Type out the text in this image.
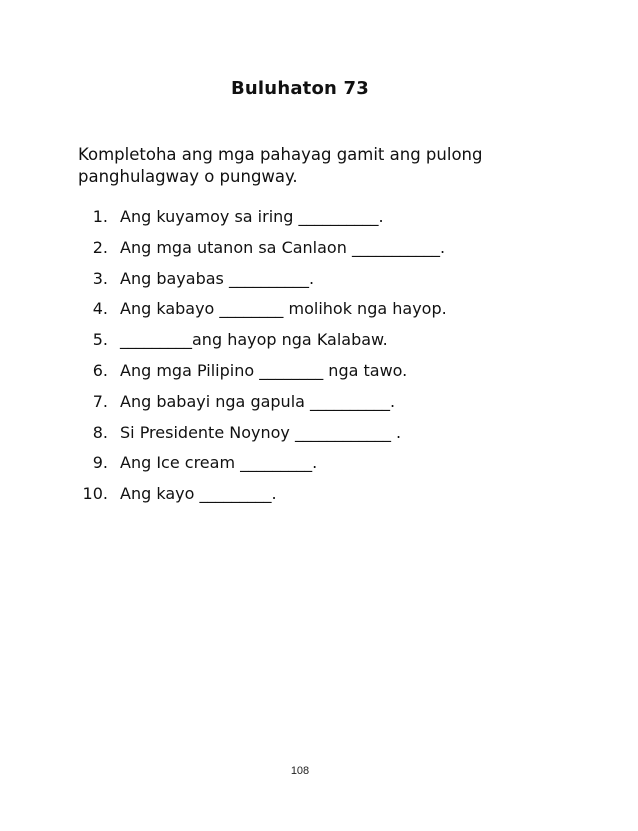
Buluhaton 73
Kompletoha ang mga pahayag gamit ang pulong panghulagway o pungway.
1. Ang kuyamoy sa iring __________.
2. Ang mga utanon sa Canlaon ___________.
3. Ang bayabas __________.
4. Ang kabayo ________ molihok nga hayop.
5. _________ang hayop nga Kalabaw.
6. Ang mga Pilipino ________ nga tawo.
7. Ang babayi nga gapula __________.
8. Si Presidente Noynoy ____________ .
9. Ang Ice cream _________.
10. Ang kayo _________.
108
